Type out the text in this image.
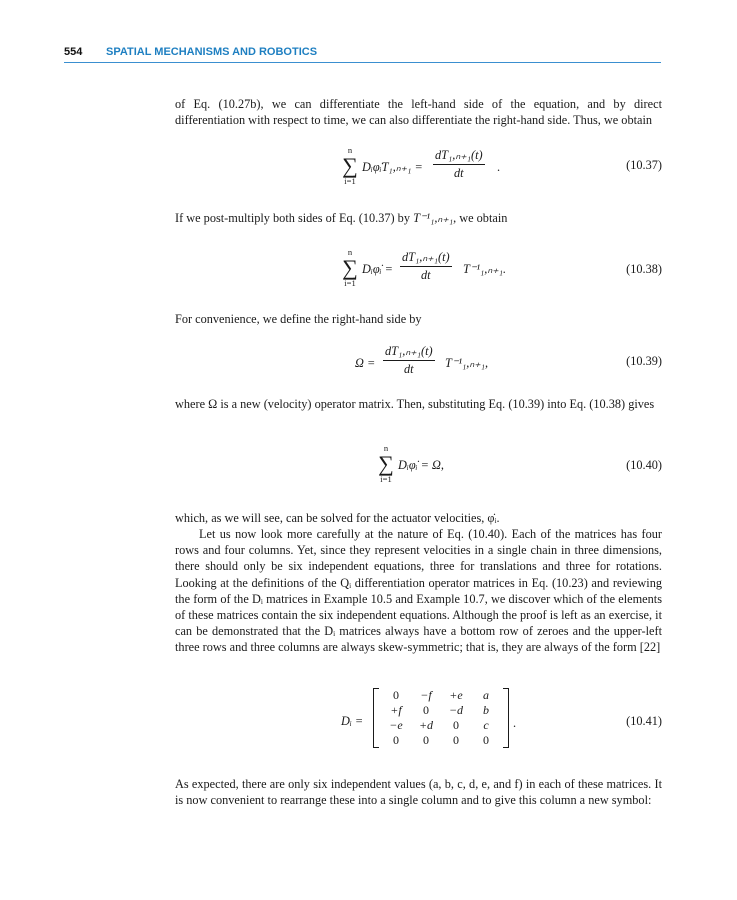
554 SPATIAL MECHANISMS AND ROBOTICS
of Eq. (10.27b), we can differentiate the left-hand side of the equation, and by direct differentiation with respect to time, we can also differentiate the right-hand side. Thus, we obtain
n
∑
i=1
Dᵢφ̇ᵢT₁,ₙ₊₁ = $\frac{\text{dT₁,ₙ₊₁(t)}}{dt}$ .	(10.37)
If we post-multiply both sides of Eq. (10.37) by T⁻¹₁,ₙ₊₁, we obtain
n
∑
i=1
Dᵢφ̇ᵢ = $\frac{\text{dT₁,ₙ₊₁(t)}}{dt} T^{-1}_1,_{n+1}$.	(10.38)
For convenience, we define the right-hand side by
$\Omega = \frac{\text{dT₁,ₙ₊₁(t)}}{dt} T^{-1}_1,_{n+1}$,	(10.39)
where Ω is a new (velocity) operator matrix. Then, substituting Eq. (10.39) into Eq. (10.38) gives
n
∑
i=1
Dᵢφ̇ᵢ = Ω,	(10.40)
which, as we will see, can be solved for the actuator velocities, φ̇ᵢ.
Let us now look more carefully at the nature of Eq. (10.40). Each of the matrices has four rows and four columns. Yet, since they represent velocities in a single chain in three dimensions, there should only be six independent equations, three for translations and three for rotations. Looking at the definitions of the Qᵢ differentiation operator matrices in Eq. (10.23) and reviewing the form of the Dᵢ matrices in Example 10.5 and Example 10.7, we discover which of the elements of these matrices contain the six independent equations. Although the proof is left as an exercise, it can be demonstrated that the Dᵢ matrices always have a bottom row of zeroes and the upper-left three rows and three columns are always skew-symmetric; that is, they are always of the form [22]
Dᵢ =
0	−f	+e	a
+f	0	−d	b
−e	+d	0	c
0	0	0	0
.	(10.41)
As expected, there are only six independent values (a, b, c, d, e, and f) in each of these matrices. It is now convenient to rearrange these into a single column and to give this column a new symbol:
